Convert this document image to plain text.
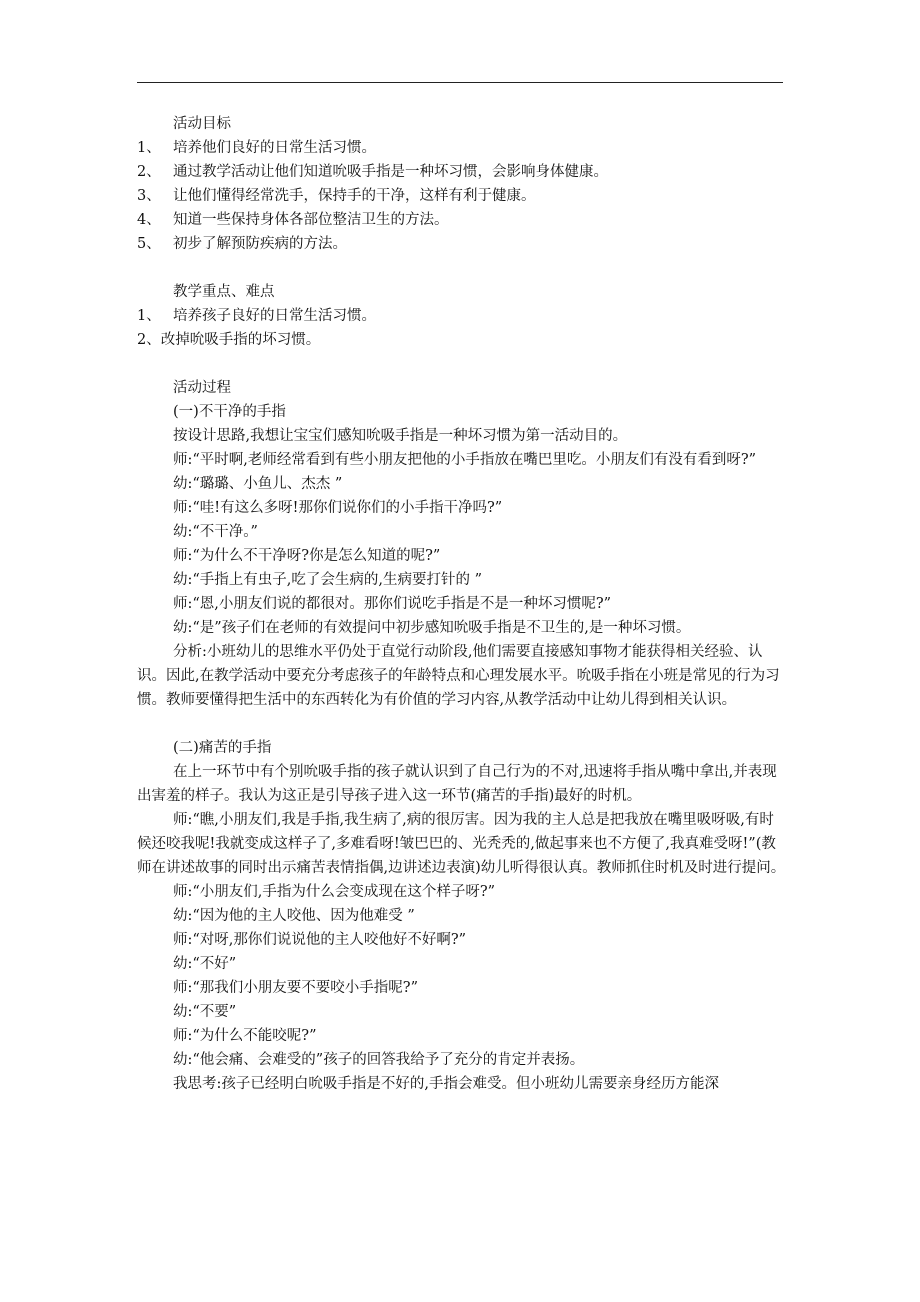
活动目标

1、 培养他们良好的日常生活习惯。

2、 通过教学活动让他们知道吮吸手指是一种坏习惯，会影响身体健康。

3、 让他们懂得经常洗手，保持手的干净，这样有利于健康。

4、 知道一些保持身体各部位整洁卫生的方法。

5、 初步了解预防疾病的方法。

教学重点、难点

1、 培养孩子良好的日常生活习惯。

2、改掉吮吸手指的坏习惯。

活动过程

(一)不干净的手指

按设计思路,我想让宝宝们感知吮吸手指是一种坏习惯为第一活动目的。

师:“平时啊,老师经常看到有些小朋友把他的小手指放在嘴巴里吃。小朋友们有没有看到呀?”

幼:“璐璐、小鱼儿、杰杰 ”

师:“哇!有这么多呀!那你们说你们的小手指干净吗?”

幼:“不干净。”

师:“为什么不干净呀?你是怎么知道的呢?”

幼:“手指上有虫子,吃了会生病的,生病要打针的 ”

师:“恩,小朋友们说的都很对。那你们说吃手指是不是一种坏习惯呢?”

幼:“是”孩子们在老师的有效提问中初步感知吮吸手指是不卫生的,是一种坏习惯。

分析:小班幼儿的思维水平仍处于直觉行动阶段,他们需要直接感知事物才能获得相关经验、认识。因此,在教学活动中要充分考虑孩子的年龄特点和心理发展水平。吮吸手指在小班是常见的行为习惯。教师要懂得把生活中的东西转化为有价值的学习内容,从教学活动中让幼儿得到相关认识。

(二)痛苦的手指

在上一环节中有个别吮吸手指的孩子就认识到了自己行为的不对,迅速将手指从嘴中拿出,并表现出害羞的样子。我认为这正是引导孩子进入这一环节(痛苦的手指)最好的时机。

师:“瞧,小朋友们,我是手指,我生病了,病的很厉害。因为我的主人总是把我放在嘴里吸呀吸,有时候还咬我呢!我就变成这样子了,多难看呀!皱巴巴的、光秃秃的,做起事来也不方便了,我真难受呀!”(教师在讲述故事的同时出示痛苦表情指偶,边讲述边表演)幼儿听得很认真。教师抓住时机及时进行提问。

师:“小朋友们,手指为什么会变成现在这个样子呀?”

幼:“因为他的主人咬他、因为他难受 ”

师:“对呀,那你们说说他的主人咬他好不好啊?”

幼:“不好”

师:“那我们小朋友要不要咬小手指呢?”

幼:“不要”

师:“为什么不能咬呢?”

幼:“他会痛、会难受的”孩子的回答我给予了充分的肯定并表扬。

我思考:孩子已经明白吮吸手指是不好的,手指会难受。但小班幼儿需要亲身经历方能深
